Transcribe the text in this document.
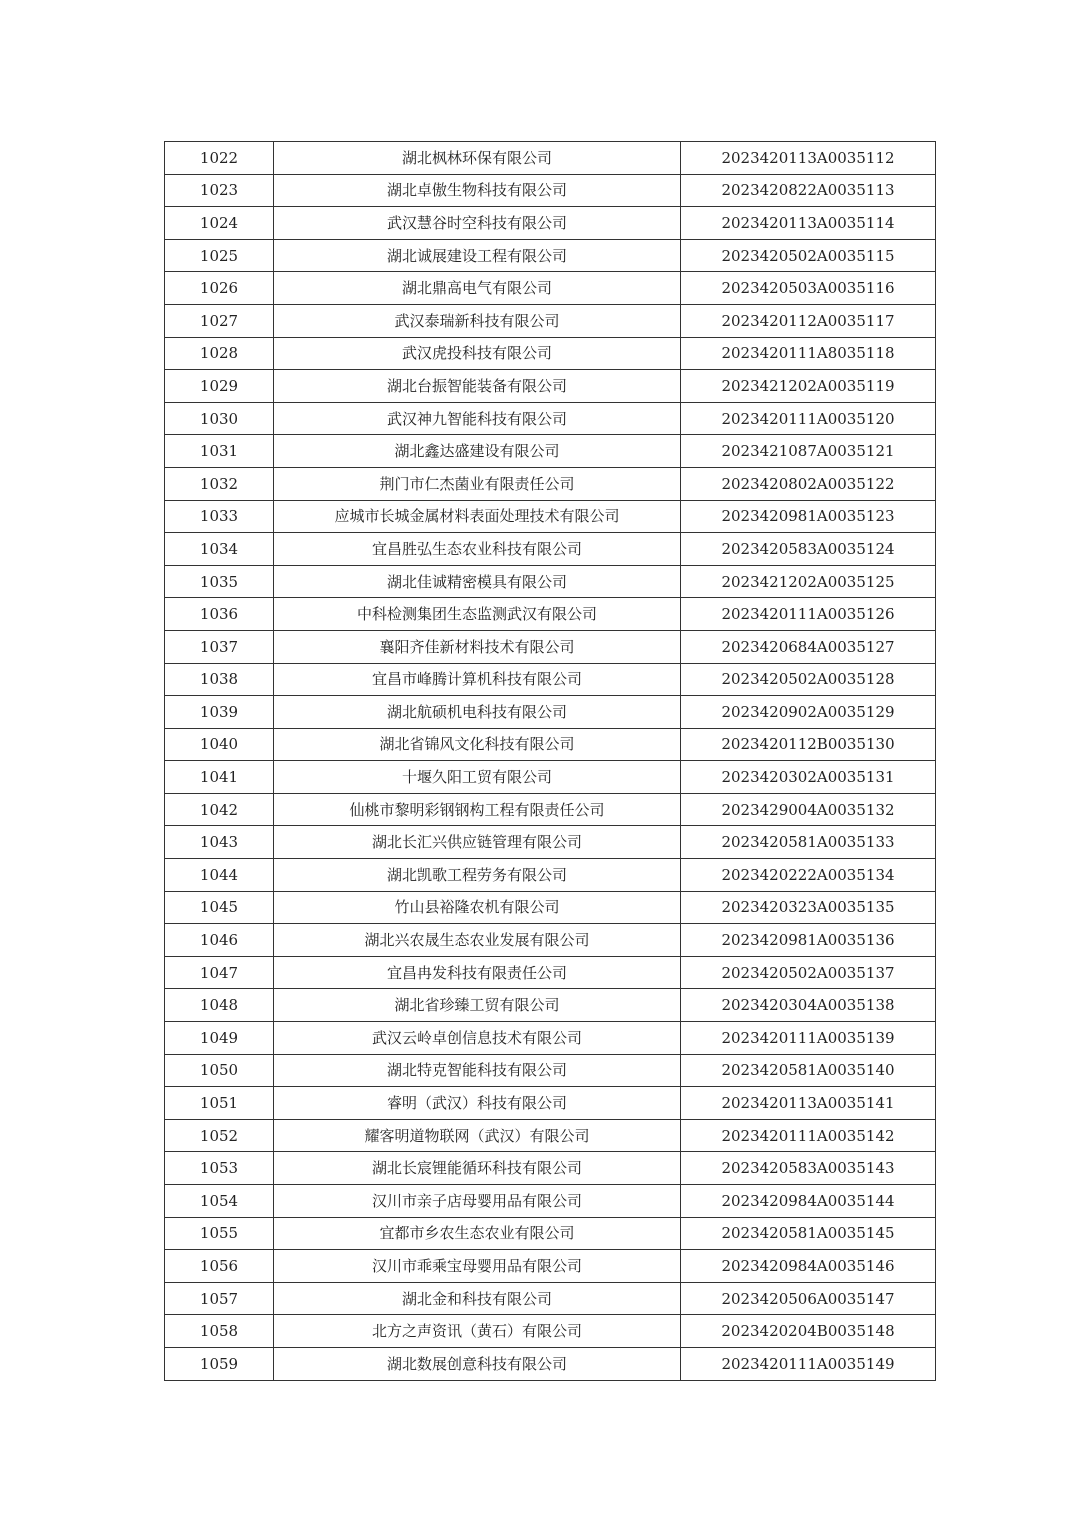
1022	湖北枫林环保有限公司	2023420113A0035112
1023	湖北卓傲生物科技有限公司	2023420822A0035113
1024	武汉慧谷时空科技有限公司	2023420113A0035114
1025	湖北诚展建设工程有限公司	2023420502A0035115
1026	湖北鼎高电气有限公司	2023420503A0035116
1027	武汉泰瑞新科技有限公司	2023420112A0035117
1028	武汉虎投科技有限公司	2023420111A8035118
1029	湖北台振智能装备有限公司	2023421202A0035119
1030	武汉神九智能科技有限公司	2023420111A0035120
1031	湖北鑫达盛建设有限公司	2023421087A0035121
1032	荆门市仁杰菌业有限责任公司	2023420802A0035122
1033	应城市长城金属材料表面处理技术有限公司	2023420981A0035123
1034	宜昌胜弘生态农业科技有限公司	2023420583A0035124
1035	湖北佳诚精密模具有限公司	2023421202A0035125
1036	中科检测集团生态监测武汉有限公司	2023420111A0035126
1037	襄阳齐佳新材料技术有限公司	2023420684A0035127
1038	宜昌市峰腾计算机科技有限公司	2023420502A0035128
1039	湖北航硕机电科技有限公司	2023420902A0035129
1040	湖北省锦风文化科技有限公司	2023420112B0035130
1041	十堰久阳工贸有限公司	2023420302A0035131
1042	仙桃市黎明彩钢钢构工程有限责任公司	2023429004A0035132
1043	湖北长汇兴供应链管理有限公司	2023420581A0035133
1044	湖北凯歌工程劳务有限公司	2023420222A0035134
1045	竹山县裕隆农机有限公司	2023420323A0035135
1046	湖北兴农晟生态农业发展有限公司	2023420981A0035136
1047	宜昌冉发科技有限责任公司	2023420502A0035137
1048	湖北省珍臻工贸有限公司	2023420304A0035138
1049	武汉云岭卓创信息技术有限公司	2023420111A0035139
1050	湖北特克智能科技有限公司	2023420581A0035140
1051	睿明（武汉）科技有限公司	2023420113A0035141
1052	耀客明道物联网（武汉）有限公司	2023420111A0035142
1053	湖北长宸锂能循环科技有限公司	2023420583A0035143
1054	汉川市亲子店母婴用品有限公司	2023420984A0035144
1055	宜都市乡农生态农业有限公司	2023420581A0035145
1056	汉川市乖乘宝母婴用品有限公司	2023420984A0035146
1057	湖北金和科技有限公司	2023420506A0035147
1058	北方之声资讯（黄石）有限公司	2023420204B0035148
1059	湖北数展创意科技有限公司	2023420111A0035149
